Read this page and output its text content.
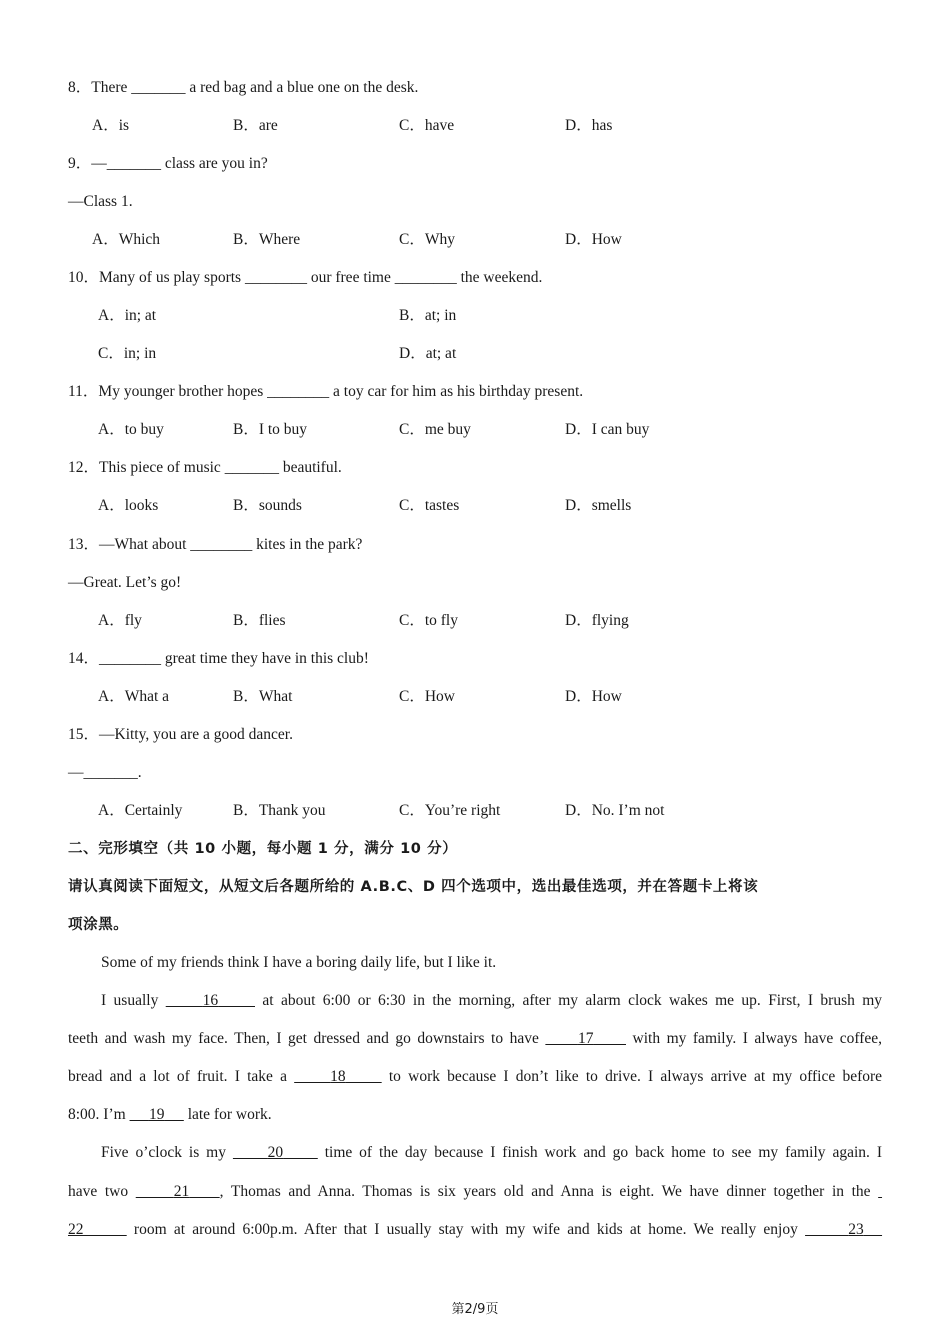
8．There _______ a red bag and a blue one on the desk.
A．is	B．are	C．have	D．has
9．—_______ class are you in?
—Class 1.
A．Which	B．Where	C．Why	D．How
10．Many of us play sports ________ our free time ________ the weekend.
A．in; at	B．at; in
C．in; in	D．at; at
11．My younger brother hopes ________ a toy car for him as his birthday present.
A．to buy	B．I to buy	C．me buy	D．I can buy
12．This piece of music _______ beautiful.
A．looks	B．sounds	C．tastes	D．smells
13．—What about ________ kites in the park?
—Great. Let’s go!
A．fly	B．flies	C．to fly	D．flying
14．________ great time they have in this club!
A．What a	B．What	C．How	D．How
15．—Kitty, you are a good dancer.
—_______.
A．Certainly	B．Thank you	C．You’re right	D．No. I’m not
二、完形填空（共 10 小题，每小题 1 分，满分 10 分）
请认真阅读下面短文，从短文后各题所给的 A.B.C、D 四个选项中，选出最佳选项，并在答题卡上将该
项涂黑。
Some of my friends think I have a boring daily life, but I like it.
I usually	16	at about 6:00 or 6:30 in the morning, after my alarm clock wakes me up. First, I brush my
teeth and wash my face. Then, I get dressed and go downstairs to have	17	with my family. I always have coffee,
bread and a lot of fruit. I take a	18	to work because I don’t like to drive. I always arrive at my office before
8:00. I’m 19 late for work.
Five o’clock is my	20	time of the day because I finish work and go back home to see my family again. I
have two	21 , Thomas and Anna. Thomas is six years old and Anna is eight. We have dinner together in the
22	room at around 6:00p.m. After that I usually stay with my wife and kids at home. We really enjoy	23
第2/9页
